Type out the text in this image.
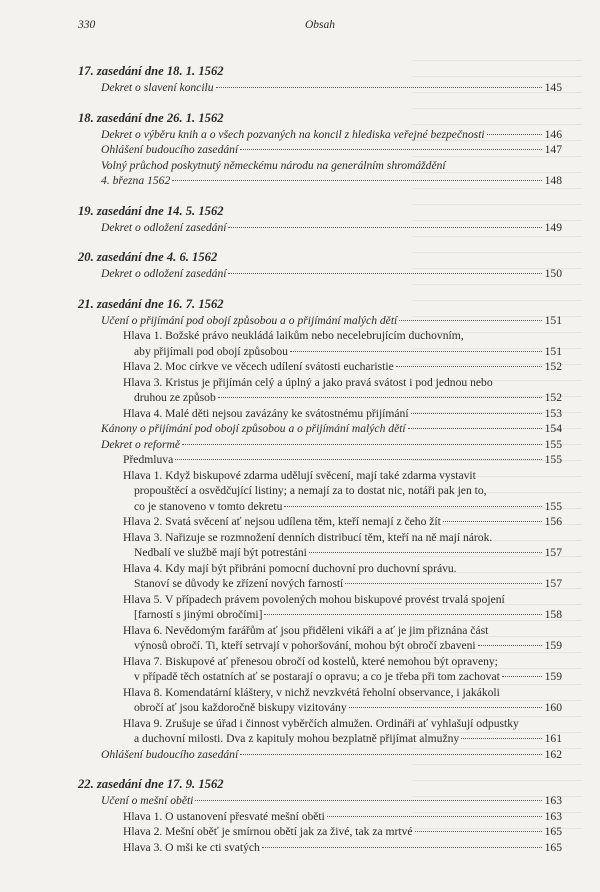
330	Obsah
17. zasedání dne 18. 1. 1562
Dekret o slavení koncilu	145
18. zasedání dne 26. 1. 1562
Dekret o výběru knih a o všech pozvaných na koncil z hlediska veřejné bezpečnosti	146
Ohlášení budoucího zasedání	147
Volný průchod poskytnutý německému národu na generálním shromáždění
4. března 1562	148
19. zasedání dne 14. 5. 1562
Dekret o odložení zasedání	149
20. zasedání dne 4. 6. 1562
Dekret o odložení zasedání	150
21. zasedání dne 16. 7. 1562
Učení o přijímání pod obojí způsobou a o přijímání malých dětí	151
Hlava 1. Božské právo neukládá laikům nebo necelebrujícím duchovním,
aby přijímali pod obojí způsobou	151
Hlava 2. Moc církve ve věcech udílení svátosti eucharistie	152
Hlava 3. Kristus je přijímán celý a úplný a jako pravá svátost i pod jednou nebo
druhou ze způsob	152
Hlava 4. Malé děti nejsou zavázány ke svátostnému přijímání	153
Kánony o přijímání pod obojí způsobou a o přijímání malých dětí	154
Dekret o reformě	155
Předmluva	155
Hlava 1. Když biskupové zdarma udělují svěcení, mají také zdarma vystavit
propouštěcí a osvědčující listiny; a nemají za to dostat nic, notáři pak jen to,
co je stanoveno v tomto dekretu	155
Hlava 2. Svatá svěcení ať nejsou udílena těm, kteří nemají z čeho žít	156
Hlava 3. Nařizuje se rozmnožení denních distribucí těm, kteří na ně mají nárok.
Nedbalí ve službě mají být potrestáni	157
Hlava 4. Kdy mají být přibráni pomocní duchovní pro duchovní správu.
Stanoví se důvody ke zřízení nových farností	157
Hlava 5. V případech právem povolených mohou biskupové provést trvalá spojení
[farností s jinými obročími]	158
Hlava 6. Nevědomým farářům ať jsou přiděleni vikáři a ať je jim přiznána část
výnosů obročí. Ti, kteří setrvají v pohoršování, mohou být obročí zbaveni	159
Hlava 7. Biskupové ať přenesou obročí od kostelů, které nemohou být opraveny;
v případě těch ostatních ať se postarají o opravu; a co je třeba při tom zachovat	159
Hlava 8. Komendatární kláštery, v nichž nevzkvétá řeholní observance, i jakákoli
obročí ať jsou každoročně biskupy vizitovány	160
Hlava 9. Zrušuje se úřad i činnost vyběrčích almužen. Ordináři ať vyhlašují odpustky
a duchovní milosti. Dva z kapituly mohou bezplatně přijímat almužny	161
Ohlášení budoucího zasedání	162
22. zasedání dne 17. 9. 1562
Učení o mešní oběti	163
Hlava 1. O ustanovení přesvaté mešní oběti	163
Hlava 2. Mešní oběť je smírnou obětí jak za živé, tak za mrtvé	165
Hlava 3. O mši ke cti svatých	165
